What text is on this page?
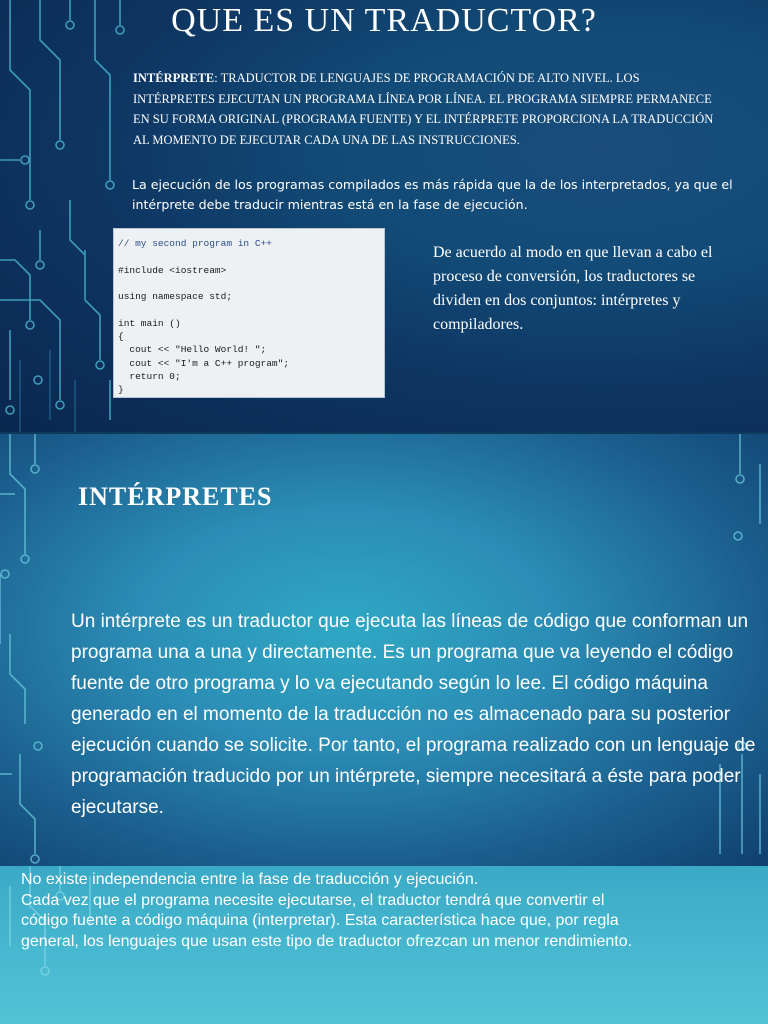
QUE ES UN TRADUCTOR?
INTÉRPRETE: TRADUCTOR DE LENGUAJES DE PROGRAMACIÓN DE ALTO NIVEL. LOS INTÉRPRETES EJECUTAN UN PROGRAMA LÍNEA POR LÍNEA. EL PROGRAMA SIEMPRE PERMANECE EN SU FORMA ORIGINAL (PROGRAMA FUENTE) Y EL INTÉRPRETE PROPORCIONA LA TRADUCCIÓN AL MOMENTO DE EJECUTAR CADA UNA DE LAS INSTRUCCIONES.
La ejecución de los programas compilados es más rápida que la de los interpretados, ya que el intérprete debe traducir mientras está en la fase de ejecución.
// my second program in C++

#include <iostream>

using namespace std;

int main ()
{
cout << "Hello World! ";
cout << "I'm a C++ program";
return 0;
}

De acuerdo al modo en que llevan a cabo el proceso de conversión, los traductores se dividen en dos conjuntos: intérpretes y compiladores.
INTÉRPRETES
Un intérprete es un traductor que ejecuta las líneas de código que conforman un programa una a una y directamente. Es un programa que va leyendo el código fuente de otro programa y lo va ejecutando según lo lee. El código máquina generado en el momento de la traducción no es almacenado para su posterior ejecución cuando se solicite. Por tanto, el programa realizado con un lenguaje de programación traducido por un intérprete, siempre necesitará a éste para poder ejecutarse.
No existe independencia entre la fase de traducción y ejecución.
Cada vez que el programa necesite ejecutarse, el traductor tendrá que convertir el
código fuente a código máquina (interpretar). Esta característica hace que, por regla
general, los lenguajes que usan este tipo de traductor ofrezcan un menor rendimiento.
